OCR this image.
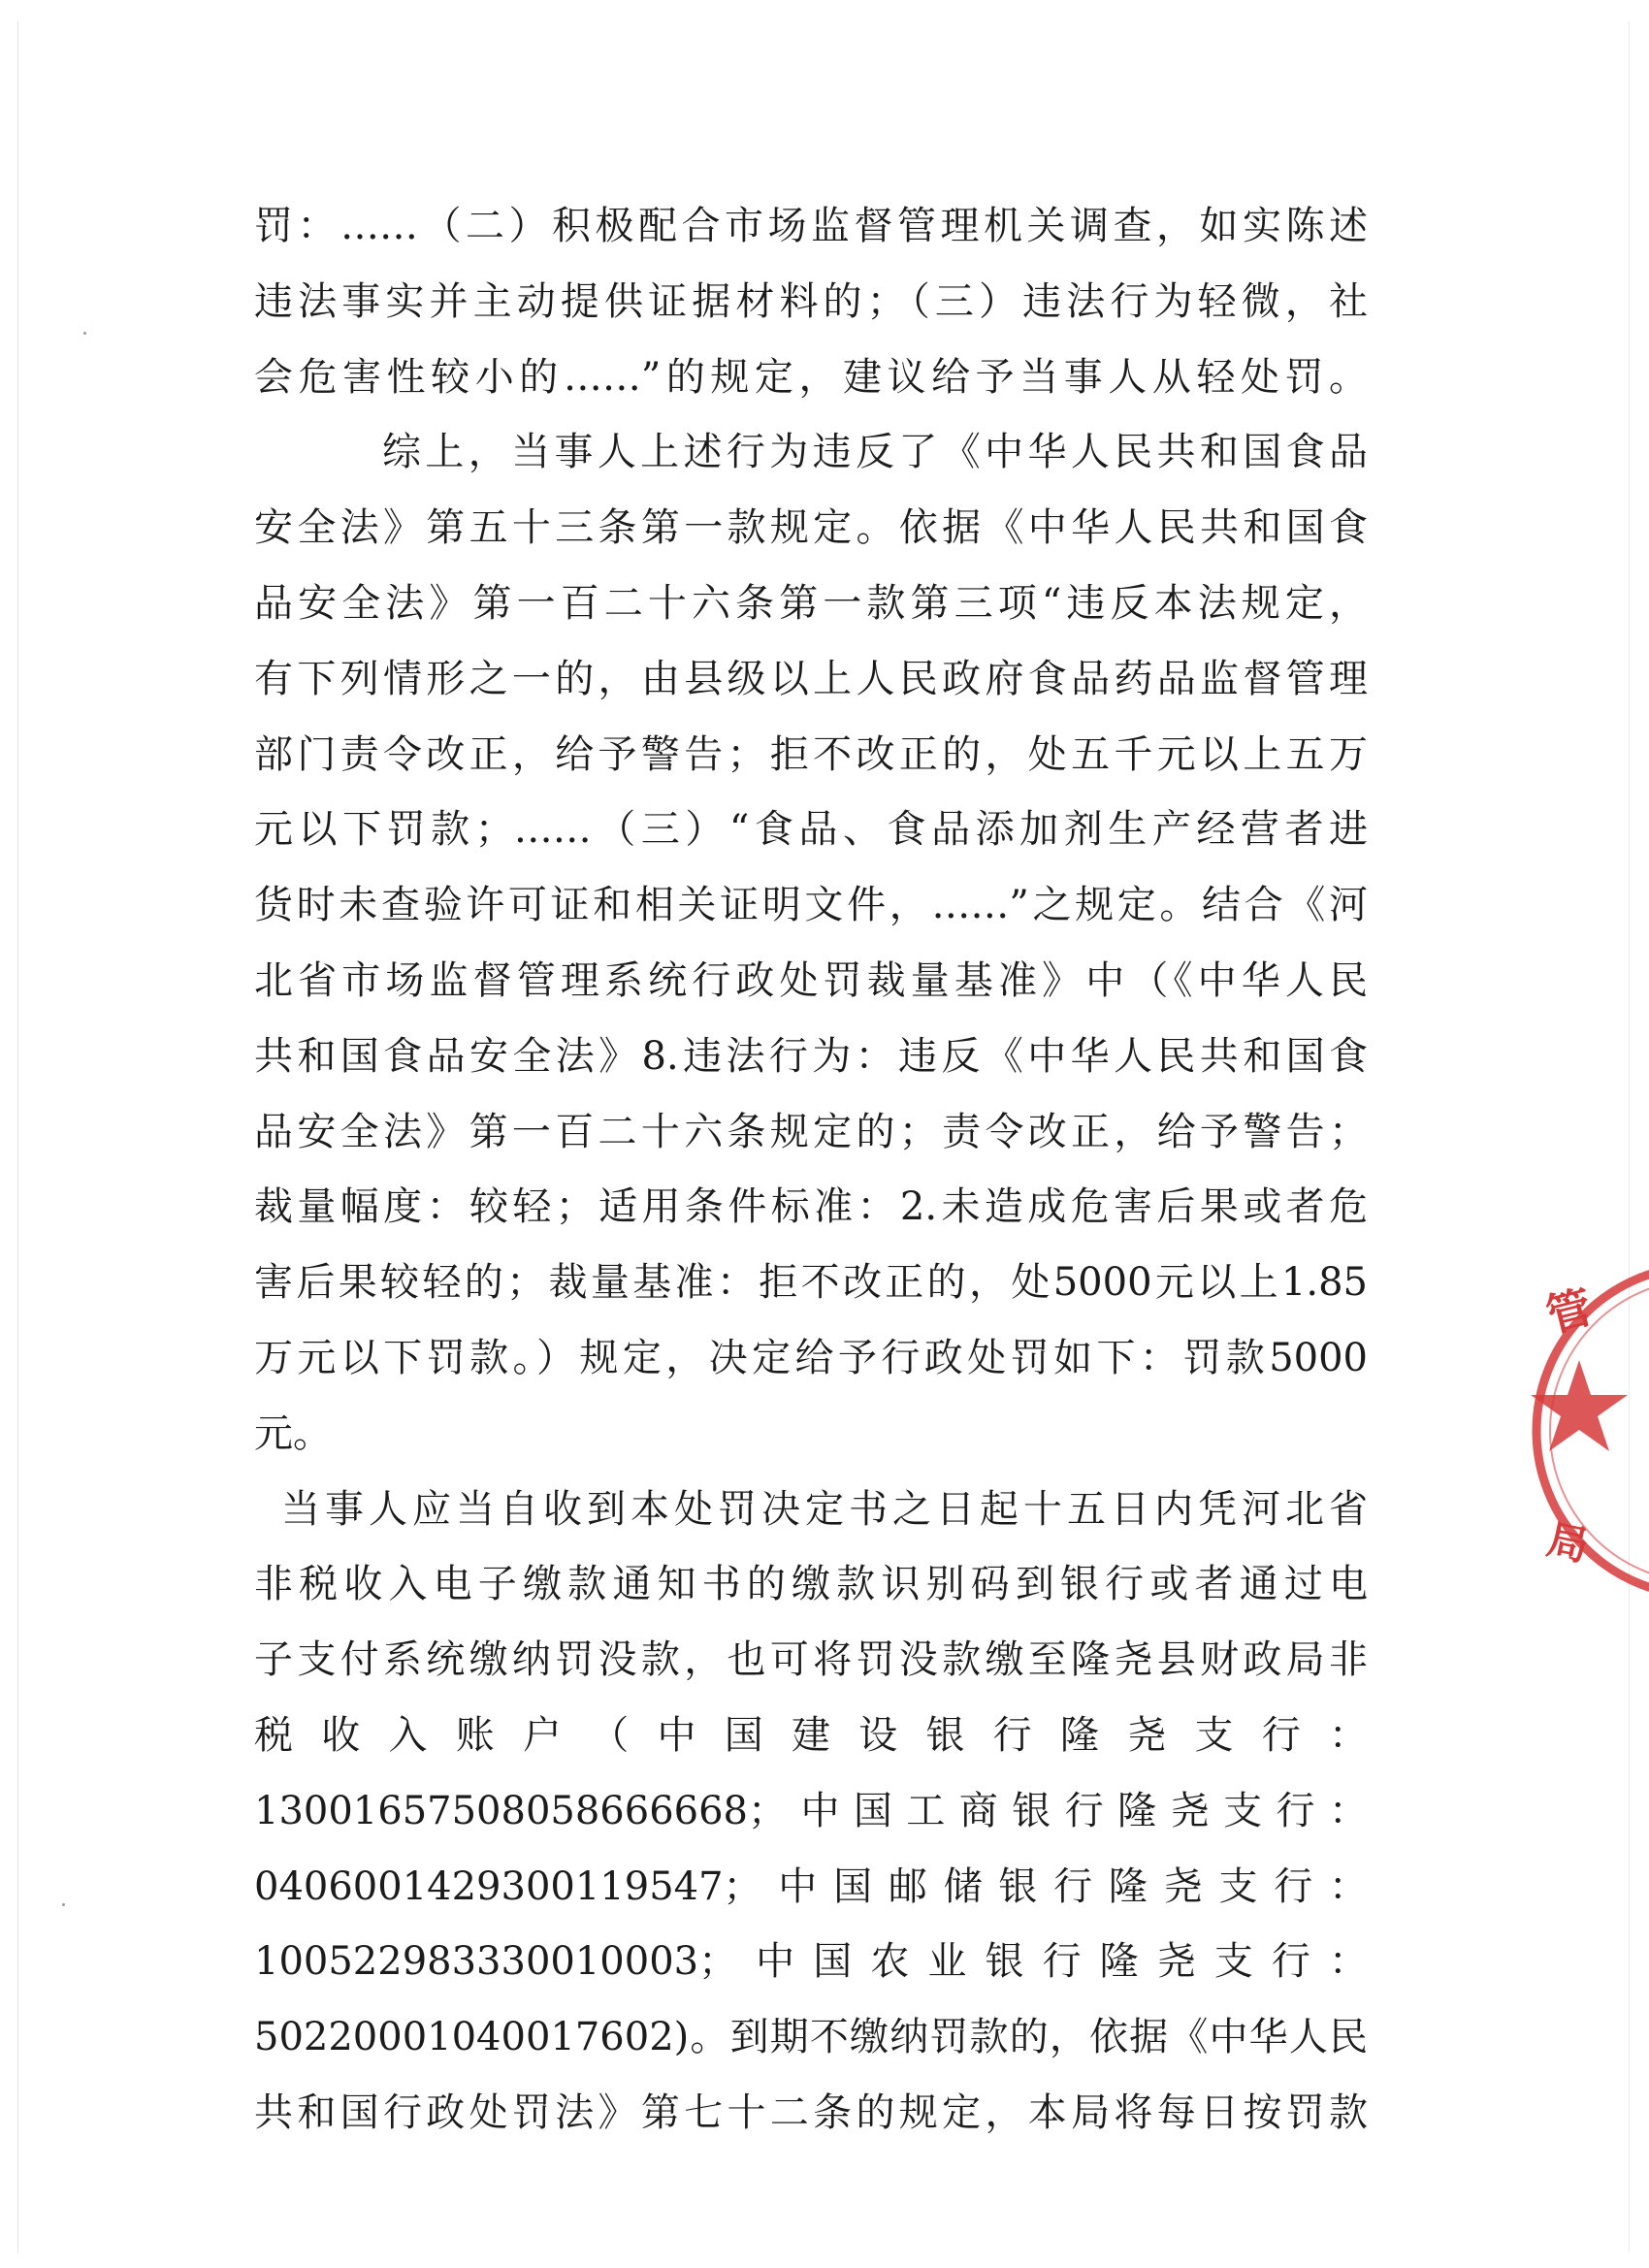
罚：……（二）积极配合市场监督管理机关调查，如实陈述
违法事实并主动提供证据材料的；（三）违法行为轻微，社
会危害性较小的……”的规定，建议给予当事人从轻处罚。
综上，当事人上述行为违反了《中华人民共和国食品
安全法》第五十三条第一款规定。依据《中华人民共和国食
品安全法》第一百二十六条第一款第三项“违反本法规定，
有下列情形之一的，由县级以上人民政府食品药品监督管理
部门责令改正，给予警告；拒不改正的，处五千元以上五万
元以下罚款；……（三）“食品、食品添加剂生产经营者进
货时未查验许可证和相关证明文件，……”之规定。结合《河
北省市场监督管理系统行政处罚裁量基准》中（《中华人民
共和国食品安全法》8.违法行为：违反《中华人民共和国食
品安全法》第一百二十六条规定的；责令改正，给予警告；
裁量幅度：较轻；适用条件标准：2.未造成危害后果或者危
害后果较轻的；裁量基准：拒不改正的，处5000元以上1.85
万元以下罚款。）规定，决定给予行政处罚如下：罚款5000
元。
当事人应当自收到本处罚决定书之日起十五日内凭河北省
非税收入电子缴款通知书的缴款识别码到银行或者通过电
子支付系统缴纳罚没款，也可将罚没款缴至隆尧县财政局非
税收入账户（中国建设银行隆尧支行：
13001657508058666668；中国工商银行隆尧支行：
0406001429300119547；中国邮储银行隆尧支行：
100522983330010003；中国农业银行隆尧支行：
50220001040017602)。到期不缴纳罚款的，依据《中华人民
共和国行政处罚法》第七十二条的规定，本局将每日按罚款
管
局
